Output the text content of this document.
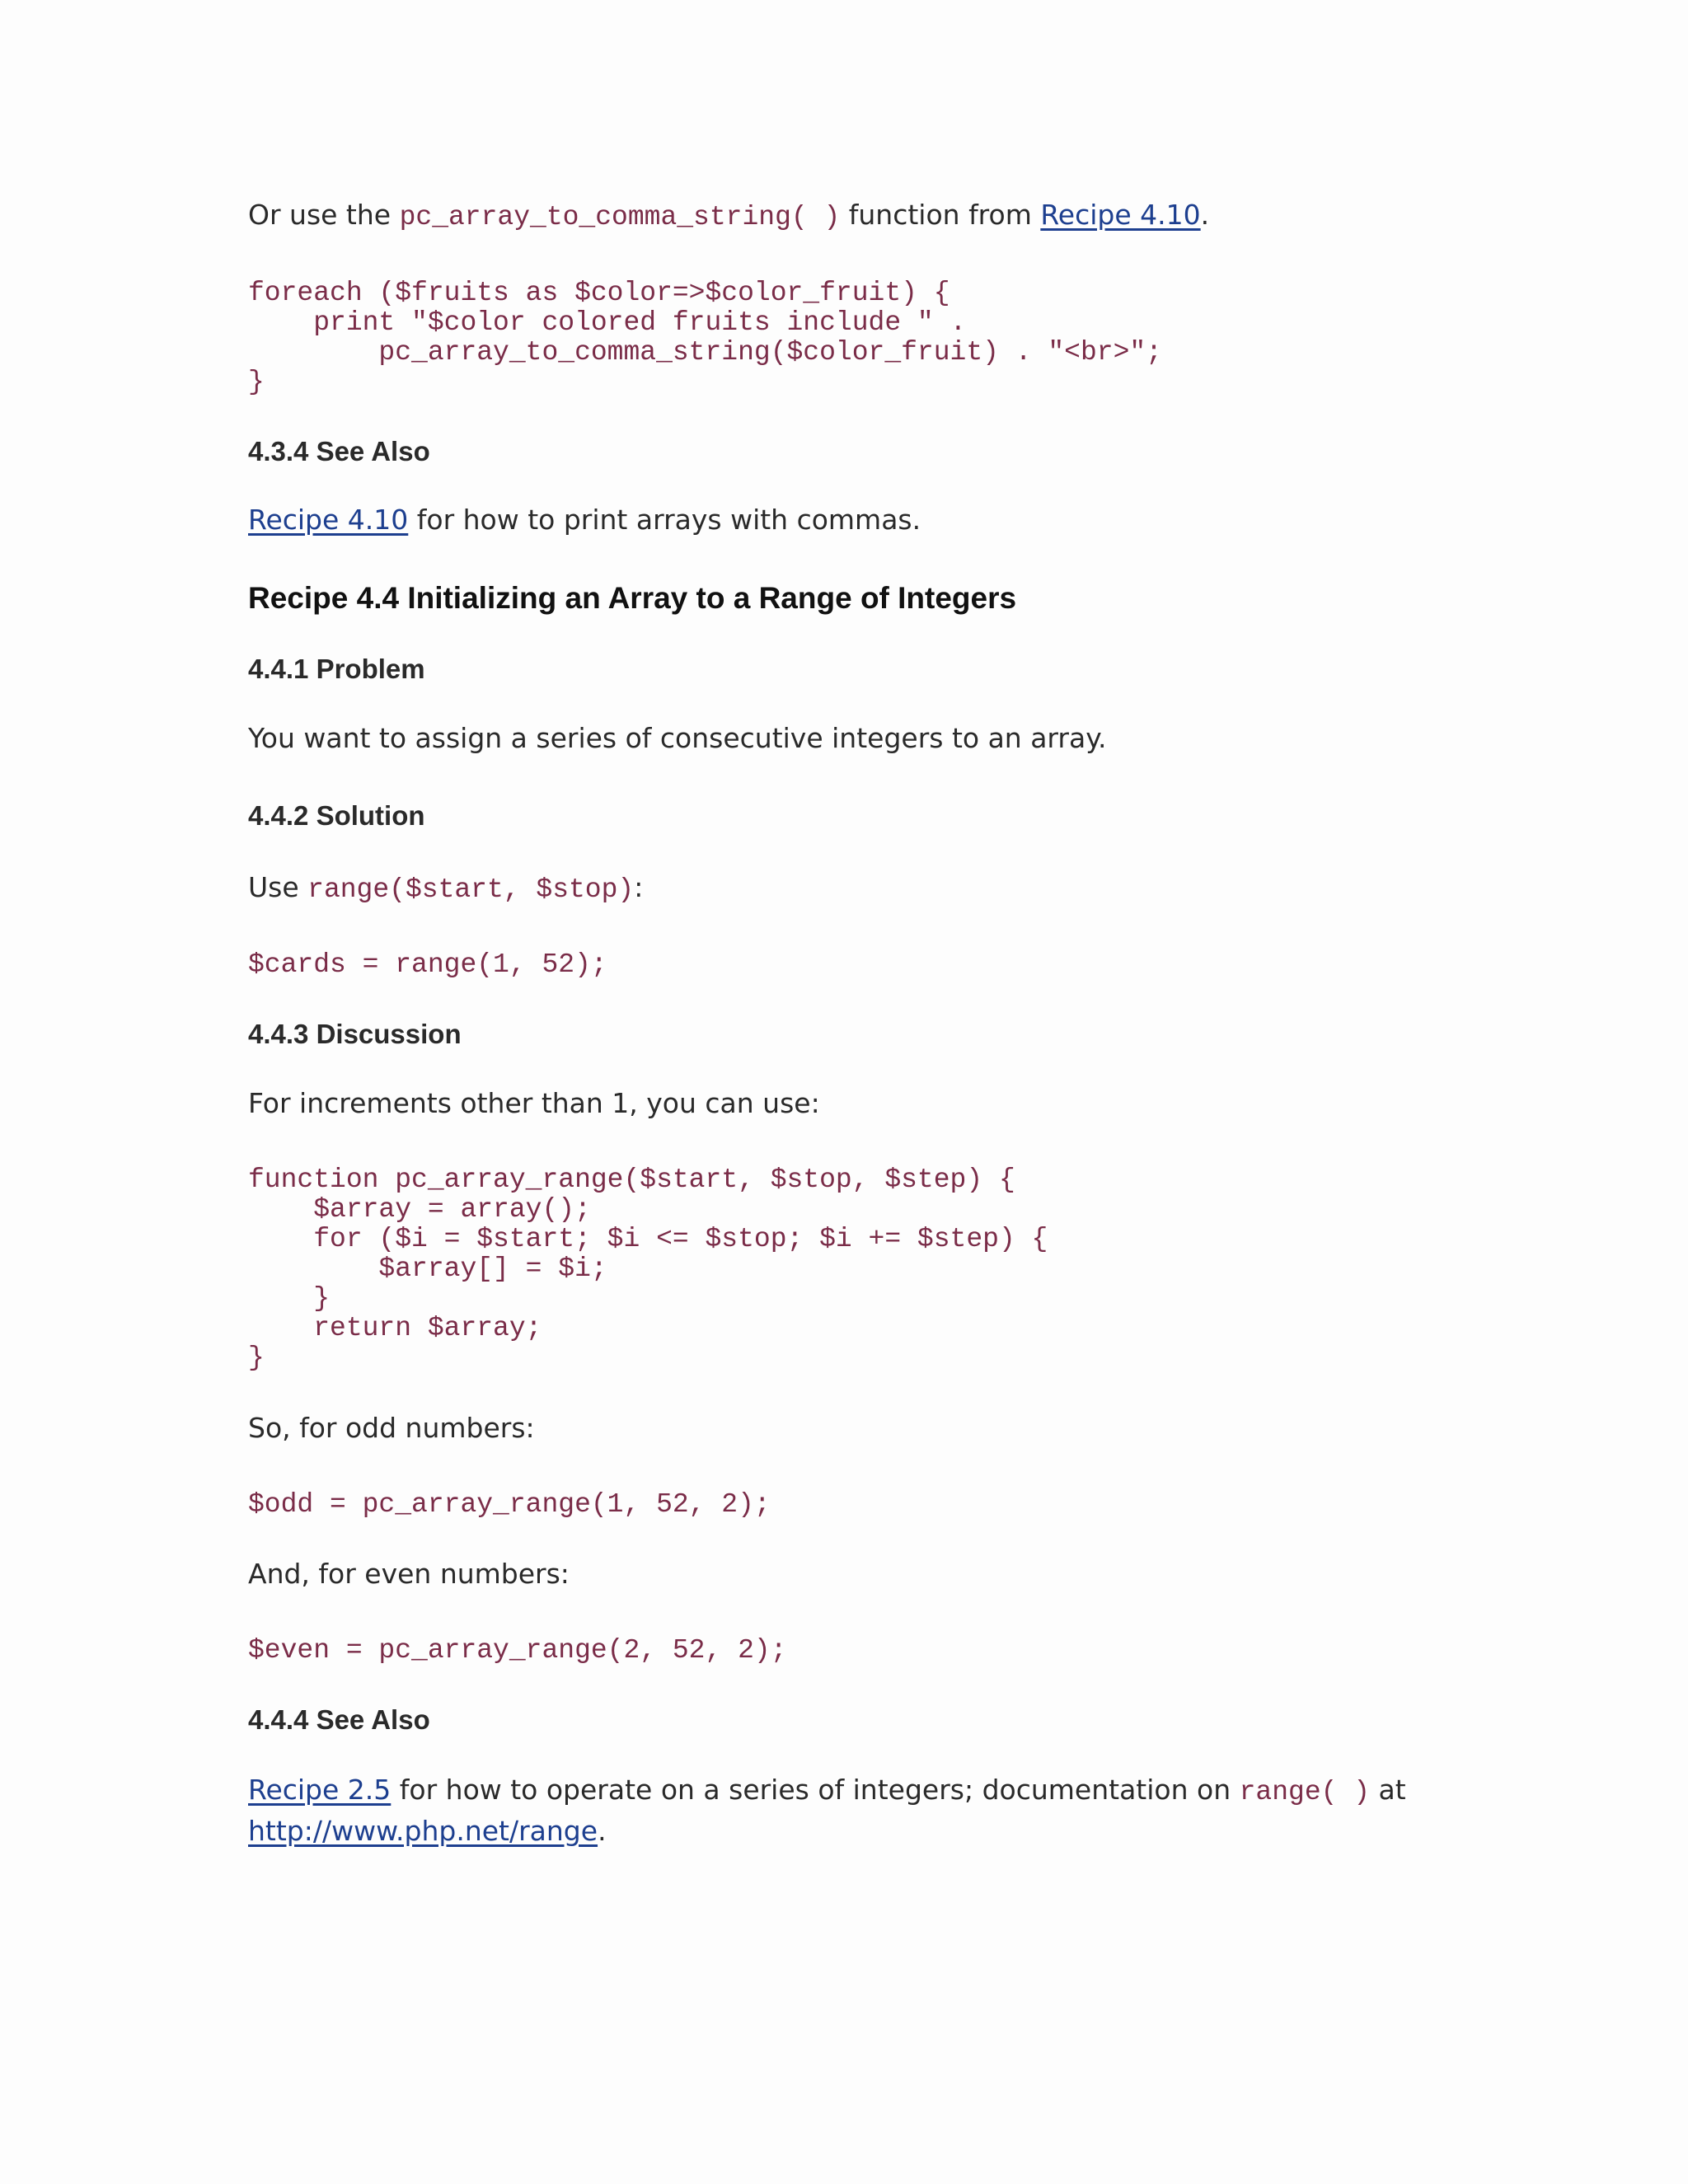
Or use the pc_array_to_comma_string( ) function from Recipe 4.10.
foreach ($fruits as $color=>$color_fruit) {
print "$color colored fruits include " .
pc_array_to_comma_string($color_fruit) . "<br>";
}
4.3.4 See Also
Recipe 4.10 for how to print arrays with commas.
Recipe 4.4 Initializing an Array to a Range of Integers
4.4.1 Problem
You want to assign a series of consecutive integers to an array.
4.4.2 Solution
Use range($start, $stop):
$cards = range(1, 52);
4.4.3 Discussion
For increments other than 1, you can use:
function pc_array_range($start, $stop, $step) {
$array = array();
for ($i = $start; $i <= $stop; $i += $step) {
$array[] = $i;
}
return $array;
}
So, for odd numbers:
$odd = pc_array_range(1, 52, 2);
And, for even numbers:
$even = pc_array_range(2, 52, 2);
4.4.4 See Also
Recipe 2.5 for how to operate on a series of integers; documentation on range( ) at
http://www.php.net/range.
